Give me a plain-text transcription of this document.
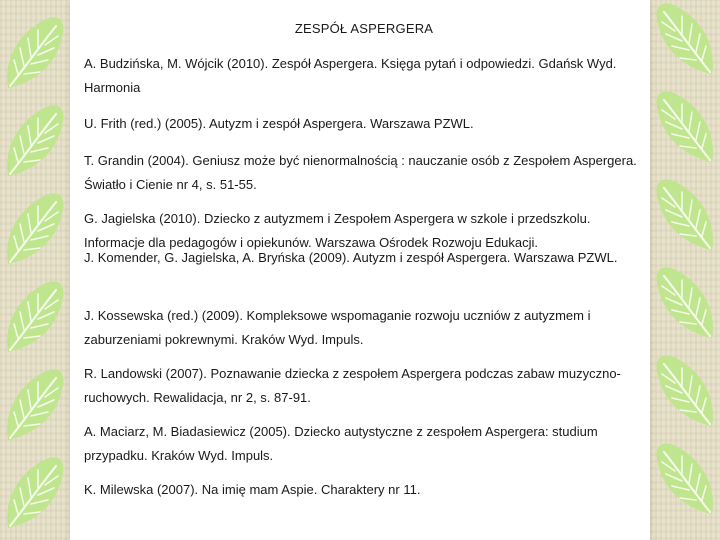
ZESPÓŁ ASPERGERA
A. Budzińska, M. Wójcik (2010). Zespół Aspergera. Księga pytań i odpowiedzi. Gdańsk Wyd. Harmonia
U. Frith (red.) (2005). Autyzm i zespół Aspergera. Warszawa PZWL.
T. Grandin (2004). Geniusz może być nienormalnością : nauczanie osób z Zespołem Aspergera. Światło i Cienie nr 4, s. 51-55.
G. Jagielska (2010). Dziecko z autyzmem i Zespołem Aspergera w szkole i przedszkolu. Informacje dla pedagogów i opiekunów. Warszawa Ośrodek Rozwoju Edukacji.
J. Komender, G. Jagielska, A. Bryńska (2009). Autyzm i zespół Aspergera. Warszawa PZWL.
J. Kossewska (red.) (2009). Kompleksowe wspomaganie rozwoju uczniów z autyzmem i zaburzeniami pokrewnymi. Kraków Wyd. Impuls.
R. Landowski (2007). Poznawanie dziecka z zespołem Aspergera podczas zabaw muzyczno-ruchowych. Rewalidacja, nr 2, s. 87-91.
A. Maciarz, M. Biadasiewicz (2005). Dziecko autystyczne z zespołem Aspergera: studium przypadku. Kraków Wyd. Impuls.
K. Milewska (2007). Na imię mam Aspie. Charaktery nr 11.
